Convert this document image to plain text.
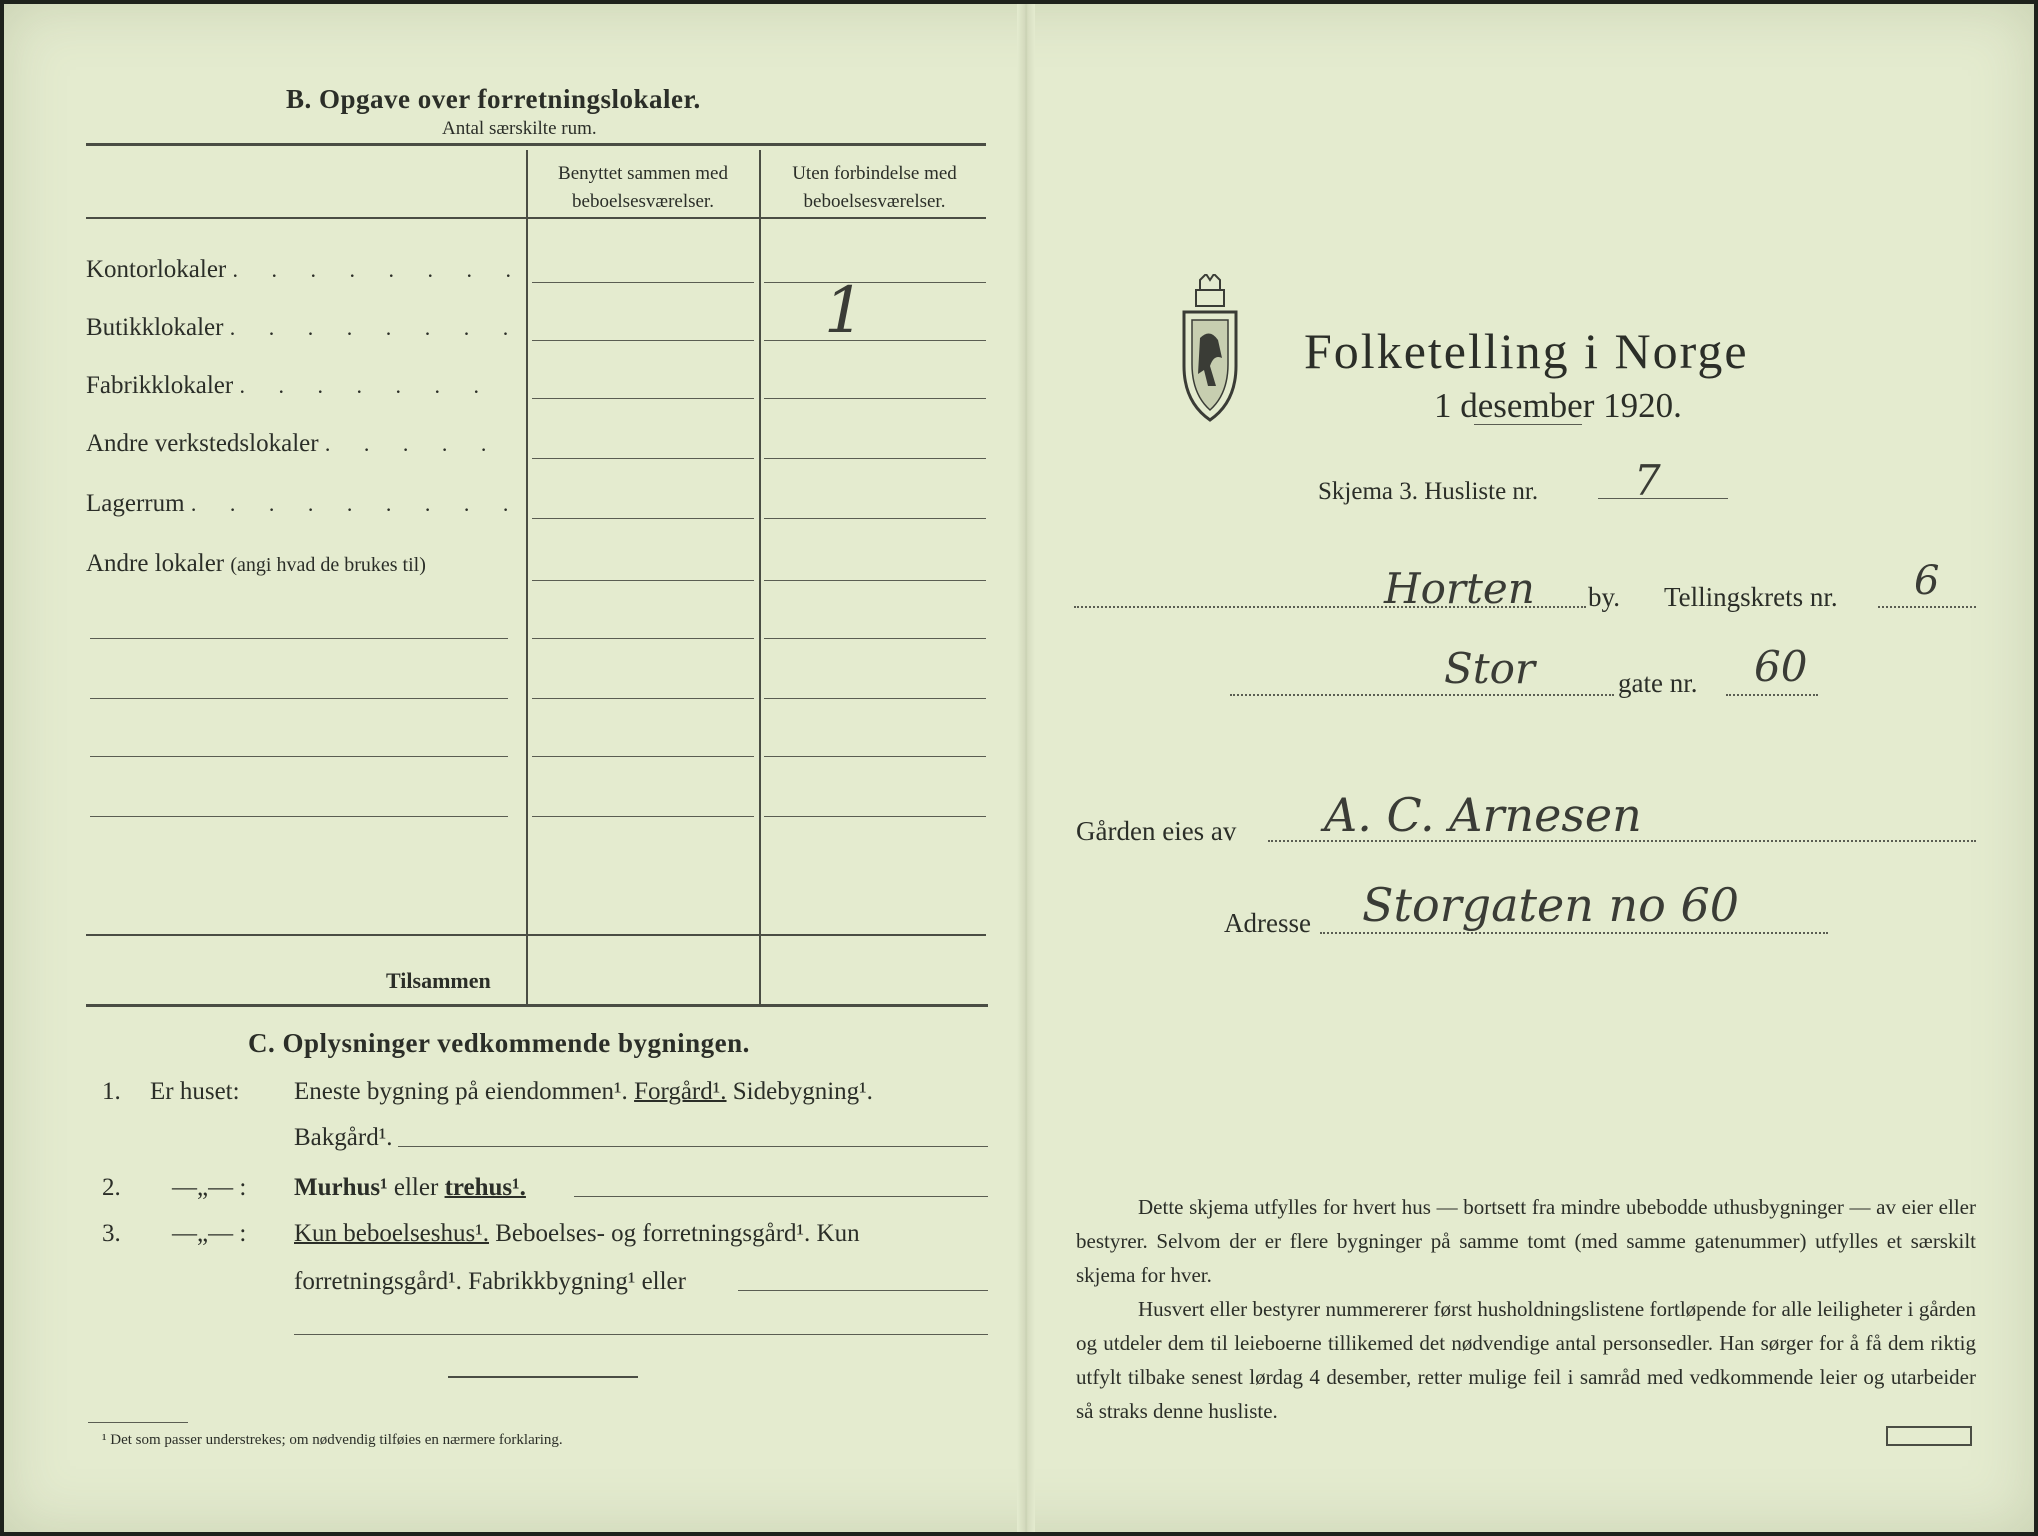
B. Opgave over forretningslokaler.
Antal særskilte rum.
Benyttet sammen med
beboelsesværelser.
Uten forbindelse med
beboelsesværelser.
Kontorlokaler . . . . . . . .
Butikklokaler . . . . . . . .
Fabrikklokaler . . . . . . .
Andre verkstedslokaler . . . . .
Lagerrum . . . . . . . . .
Andre lokaler (angi hvad de brukes til)
1
Tilsammen
C. Oplysninger vedkommende bygningen.
1. Er huset: Eneste bygning på eiendommen¹. Forgård¹. Sidebygning¹.
Bakgård¹.
2. —„— : Murhus¹ eller trehus¹.
3. —„— : Kun beboelseshus¹. Beboelses- og forretningsgård¹. Kun
forretningsgård¹. Fabrikkbygning¹ eller
¹ Det som passer understrekes; om nødvendig tilføies en nærmere forklaring.
Folketelling i Norge
1 desember 1920.
Skjema 3. Husliste nr. 7
Horten by. Tellingskrets nr. 6
Stor	gate nr. 60
Gården eies av A. C. Arnesen
Adresse Storgaten no 60
Dette skjema utfylles for hvert hus — bortsett fra mindre ubebodde uthusbygninger — av eier eller bestyrer. Selvom der er flere bygninger på samme tomt (med samme gatenummer) utfylles et særskilt skjema for hver.
Husvert eller bestyrer nummererer først husholdningslistene fortløpende for alle leiligheter i gården og utdeler dem til leieboerne tillikemed det nødvendige antal personsedler. Han sørger for å få dem riktig utfylt tilbake senest lørdag 4 desember, retter mulige feil i samråd med vedkommende leier og utarbeider så straks denne husliste.
